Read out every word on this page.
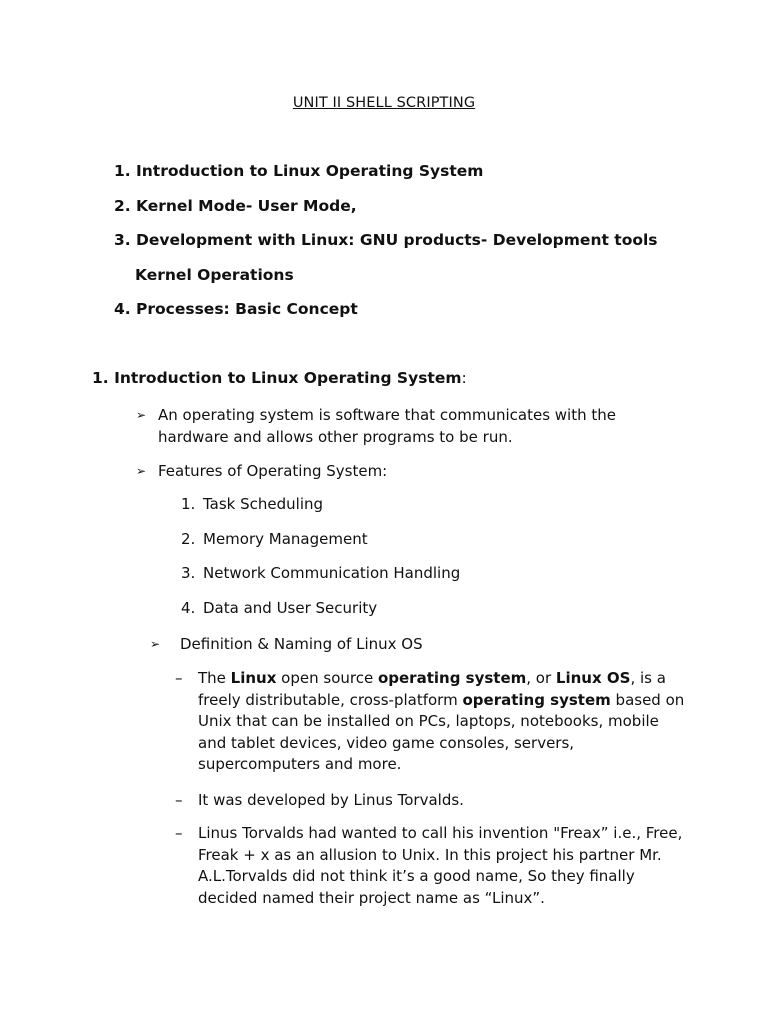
UNIT II SHELL SCRIPTING
1. Introduction to Linux Operating System
2. Kernel Mode- User Mode,
3. Development with Linux: GNU products- Development tools
Kernel Operations
4. Processes: Basic Concept
1. Introduction to Linux Operating System:
➢ An operating system is software that communicates with the hardware and allows other programs to be run.
➢ Features of Operating System:
1. Task Scheduling
2. Memory Management
3. Network Communication Handling
4. Data and User Security
➢ Definition & Naming of Linux OS
– The Linux open source operating system, or Linux OS, is a freely distributable, cross-platform operating system based on Unix that can be installed on PCs, laptops, notebooks, mobile and tablet devices, video game consoles, servers, supercomputers and more.
– It was developed by Linus Torvalds.
– Linus Torvalds had wanted to call his invention "Freax” i.e., Free, Freak + x as an allusion to Unix. In this project his partner Mr. A.L.Torvalds did not think it’s a good name, So they finally decided named their project name as “Linux”.
